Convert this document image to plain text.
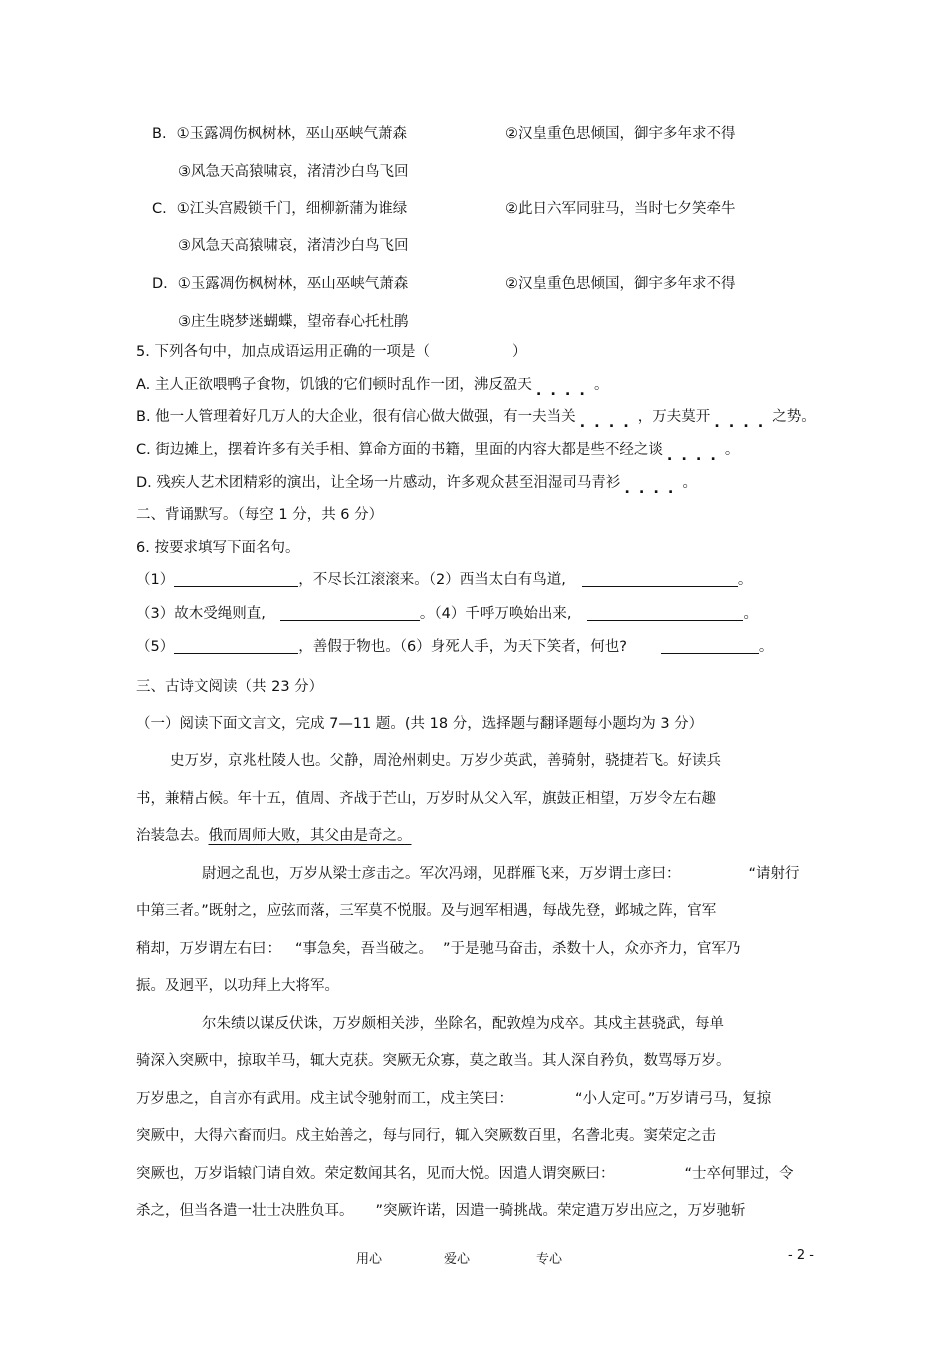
B. ①玉露凋伤枫树林，巫山巫峡气萧森	②汉皇重色思倾国，御宇多年求不得
③风急天高猿啸哀，渚清沙白鸟飞回
C. ①江头宫殿锁千门，细柳新蒲为谁绿	②此日六军同驻马，当时七夕笑牵牛
③风急天高猿啸哀，渚清沙白鸟飞回
D. ①玉露凋伤枫树林，巫山巫峡气萧森	②汉皇重色思倾国，御宇多年求不得
③庄生晓梦迷蝴蝶，望帝春心托杜鹃
5. 下列各句中，加点成语运用正确的一项是（	）
A. 主人正欲喂鸭子食物，饥饿的它们顿时乱作一团，沸反盈天 ....。
B. 他一人管理着好几万人的大企业，很有信心做大做强，有一夫当关 ....，万夫莫开 ....之势。
C. 街边摊上，摆着许多有关手相、算命方面的书籍，里面的内容大都是些不经之谈 ....。
D. 残疾人艺术团精彩的演出，让全场一片感动，许多观众甚至泪湿司马青衫 ....。
二、背诵默写。（每空 1 分，共 6 分）
6. 按要求填写下面名句。
（1）	，不尽长江滚滚来。（2）西当太白有鸟道,	。
（3）故木受绳则直,	。（4）千呼万唤始出来,	。
（5）	，善假于物也。（6）身死人手，为天下笑者，何也?	。
三、古诗文阅读（共 23 分）
（一）阅读下面文言文，完成 7—11 题。(共 18 分，选择题与翻译题每小题均为 3 分）
史万岁，京兆杜陵人也。父静，周沧州刺史。万岁少英武，善骑射，骁捷若飞。好读兵
书，兼精占候。年十五，值周、齐战于芒山，万岁时从父入军，旗鼓正相望，万岁令左右趣
治装急去。俄而周师大败，其父由是奇之。
尉迥之乱也，万岁从梁士彦击之。军次冯翊，见群雁飞来，万岁谓士彦曰：	“请射行
中第三者。”既射之，应弦而落，三军莫不悦服。及与迥军相遇，每战先登，邺城之阵，官军
稍却，万岁谓左右曰： “事急矣，吾当破之。 ”于是驰马奋击，杀数十人，众亦齐力，官军乃
振。及迥平，以功拜上大将军。
尔朱绩以谋反伏诛，万岁颇相关涉，坐除名，配敦煌为戍卒。其戍主甚骁武，每单
骑深入突厥中，掠取羊马，辄大克获。突厥无众寡，莫之敢当。其人深自矜负，数骂辱万岁。
万岁患之，自言亦有武用。戍主试令驰射而工，戍主笑曰：	“小人定可。”万岁请弓马，复掠
突厥中，大得六畜而归。戍主始善之，每与同行，辄入突厥数百里，名詟北夷。窦荣定之击
突厥也，万岁诣辕门请自效。荣定数闻其名，见而大悦。因遣人谓突厥曰：	“士卒何罪过，令
杀之，但当各遣一壮士决胜负耳。 ”突厥许诺，因遣一骑挑战。荣定遣万岁出应之，万岁驰斩
用心	爱心	专心	- 2 -
